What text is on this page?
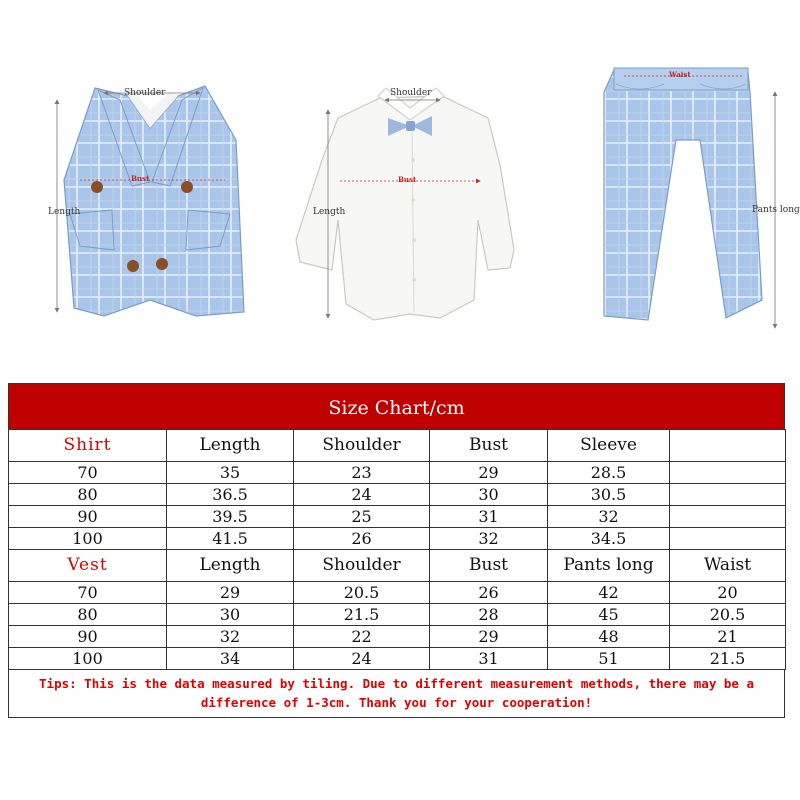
Shoulder
Bust
Length
Shoulder
Bust
Length
Waist
Pants long
Size Chart/cm
Shirt	Length	Shoulder	Bust	Sleeve	
70	35	23	29	28.5	
80	36.5	24	30	30.5	
90	39.5	25	31	32	
100	41.5	26	32	34.5	
Vest	Length	Shoulder	Bust	Pants long	Waist
70	29	20.5	26	42	20
80	30	21.5	28	45	20.5
90	32	22	29	48	21
100	34	24	31	51	21.5
Tips: This is the data measured by tiling. Due to different measurement methods, there may be a difference of 1-3cm. Thank you for your cooperation!
